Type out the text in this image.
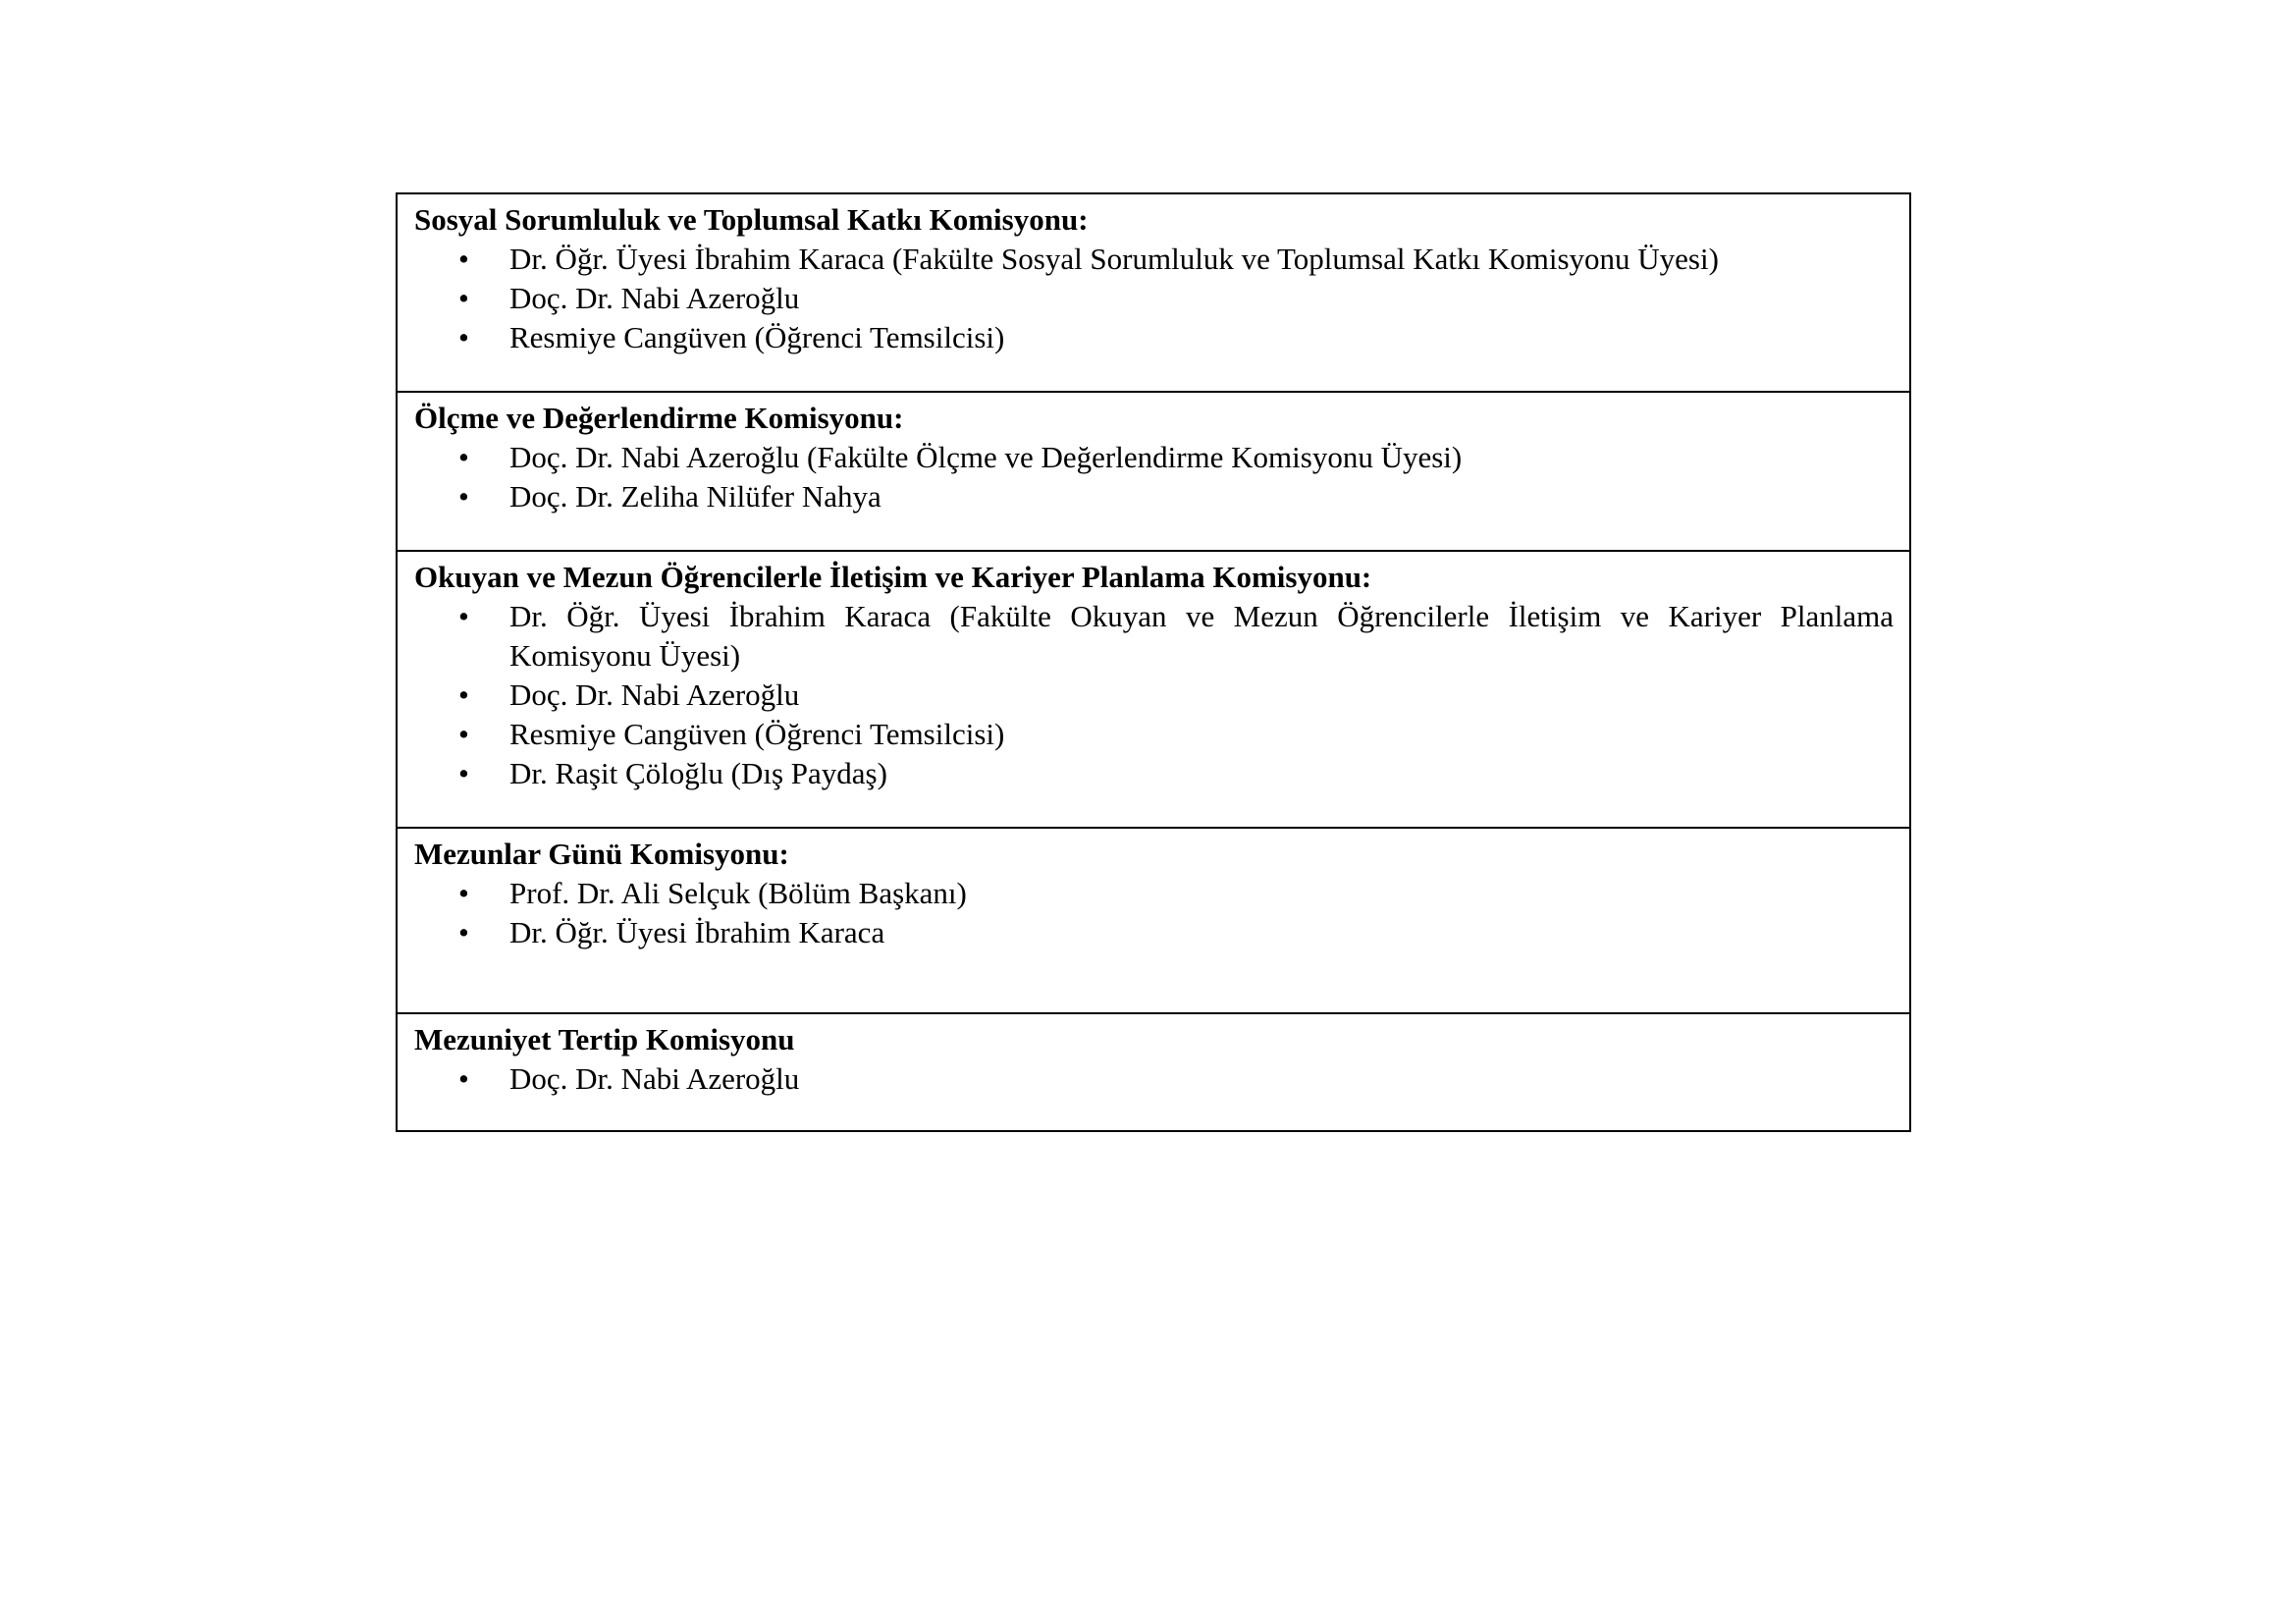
Sosyal Sorumluluk ve Toplumsal Katkı Komisyonu:

• Dr. Öğr. Üyesi İbrahim Karaca (Fakülte Sosyal Sorumluluk ve Toplumsal Katkı Komisyonu Üyesi)
• Doç. Dr. Nabi Azeroğlu
• Resmiye Cangüven (Öğrenci Temsilcisi)

Ölçme ve Değerlendirme Komisyonu:

• Doç. Dr. Nabi Azeroğlu (Fakülte Ölçme ve Değerlendirme Komisyonu Üyesi)
• Doç. Dr. Zeliha Nilüfer Nahya

Okuyan ve Mezun Öğrencilerle İletişim ve Kariyer Planlama Komisyonu:

• Dr. Öğr. Üyesi İbrahim Karaca (Fakülte Okuyan ve Mezun Öğrencilerle İletişim ve Kariyer Planlama Komisyonu Üyesi)
• Doç. Dr. Nabi Azeroğlu
• Resmiye Cangüven (Öğrenci Temsilcisi)
• Dr. Raşit Çöloğlu (Dış Paydaş)

Mezunlar Günü Komisyonu:

• Prof. Dr. Ali Selçuk (Bölüm Başkanı)
• Dr. Öğr. Üyesi İbrahim Karaca

Mezuniyet Tertip Komisyonu

• Doç. Dr. Nabi Azeroğlu
